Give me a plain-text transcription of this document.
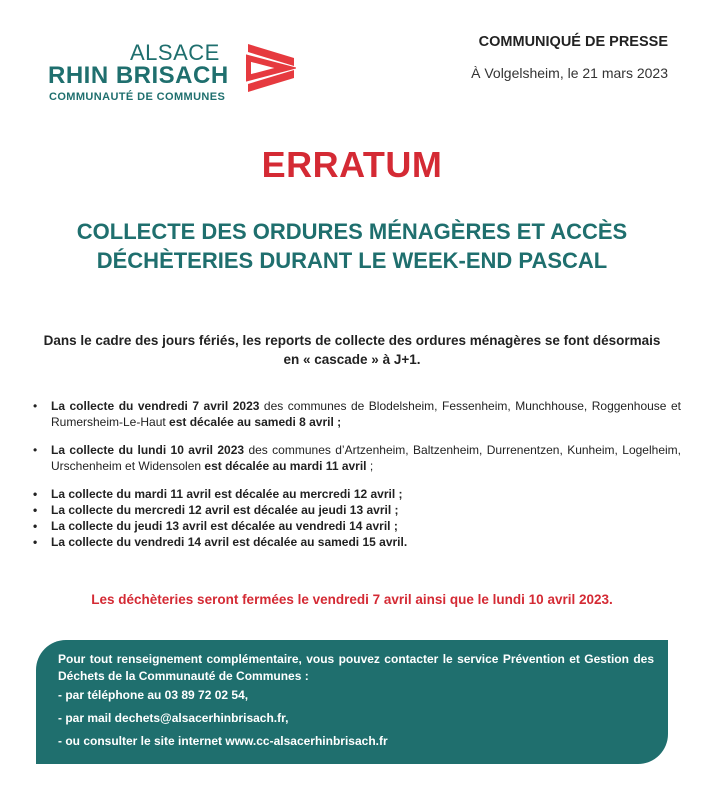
ALSACE
RHIN BRISACH
COMMUNAUTÉ DE COMMUNES
COMMUNIQUÉ DE PRESSE
À Volgelsheim, le 21 mars 2023
ERRATUM
COLLECTE DES ORDURES MÉNAGÈRES ET ACCÈS DÉCHÈTERIES DURANT LE WEEK-END PASCAL
Dans le cadre des jours fériés, les reports de collecte des ordures ménagères se font désormais en « cascade » à J+1.
• La collecte du vendredi 7 avril 2023 des communes de Blodelsheim, Fessenheim, Munchhouse, Roggenhouse et Rumersheim-Le-Haut est décalée au samedi 8 avril ;
• La collecte du lundi 10 avril 2023 des communes d’Artzenheim, Baltzenheim, Durrenentzen, Kunheim, Logelheim, Urschenheim et Widensolen est décalée au mardi 11 avril ;
• La collecte du mardi 11 avril est décalée au mercredi 12 avril ;
• La collecte du mercredi 12 avril est décalée au jeudi 13 avril ;
• La collecte du jeudi 13 avril est décalée au vendredi 14 avril ;
• La collecte du vendredi 14 avril est décalée au samedi 15 avril.
Les déchèteries seront fermées le vendredi 7 avril ainsi que le lundi 10 avril 2023.
Pour tout renseignement complémentaire, vous pouvez contacter le service Prévention et Gestion des Déchets de la Communauté de Communes :
- par téléphone au 03 89 72 02 54,
- par mail dechets@alsacerhinbrisach.fr,
- ou consulter le site internet www.cc-alsacerhinbrisach.fr
